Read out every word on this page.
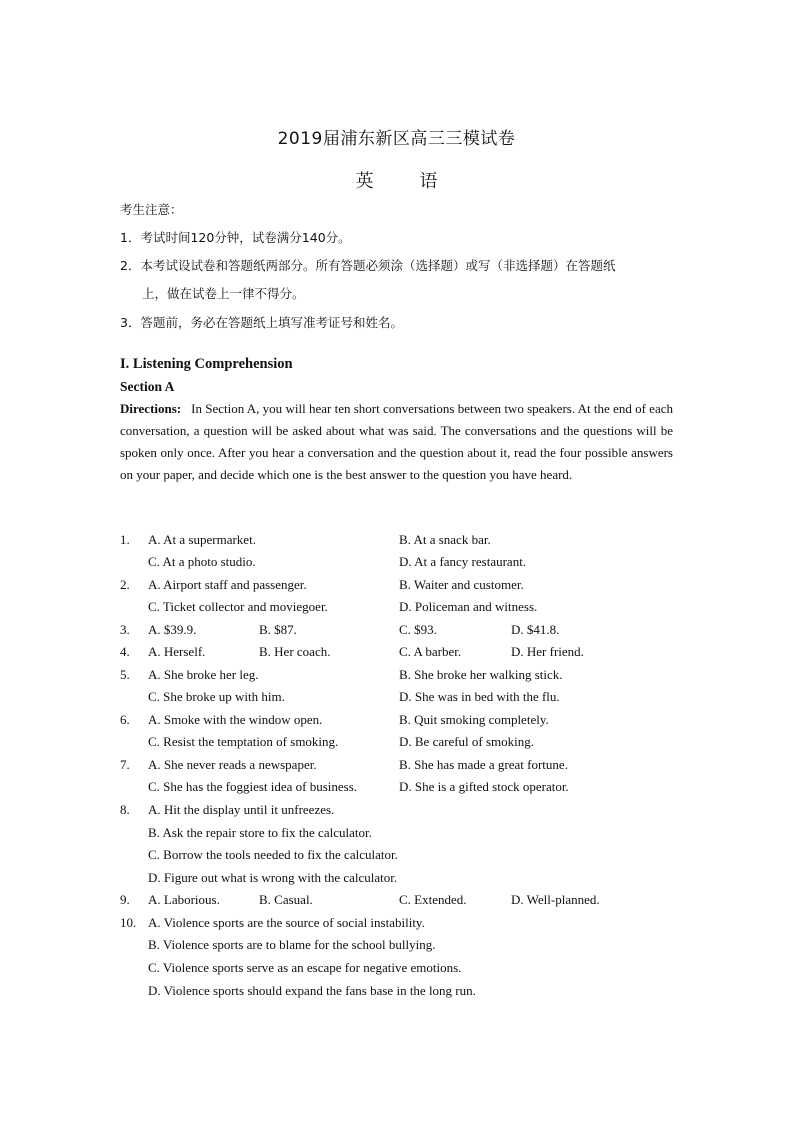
2019届浦东新区高三三模试卷
英	语

考生注意：

1．考试时间120分钟，试卷满分140分。

2．本考试设试卷和答题纸两部分。所有答题必须涂（选择题）或写（非选择题）在答题纸

上，做在试卷上一律不得分。

3．答题前，务必在答题纸上填写准考证号和姓名。

I. Listening Comprehension
Section A
Directions: In Section A, you will hear ten short conversations between two speakers. At the end of each conversation, a question will be asked about what was said. The conversations and the questions will be spoken only once. After you hear a conversation and the question about it, read the four possible answers on your paper, and decide which one is the best answer to the question you have heard.
1. A. At a supermarket.	B. At a snack bar.
C. At a photo studio.	D. At a fancy restaurant.
2. A. Airport staff and passenger.	B. Waiter and customer.
C. Ticket collector and moviegoer.	D. Policeman and witness.
3. A. $39.9.	B. $87.	C. $93.	D. $41.8.
4. A. Herself.	B. Her coach.	C. A barber.	D. Her friend.
5. A. She broke her leg.	B. She broke her walking stick.
C. She broke up with him.	D. She was in bed with the flu.
6. A. Smoke with the window open.	B. Quit smoking completely.
C. Resist the temptation of smoking.	D. Be careful of smoking.
7. A. She never reads a newspaper.	B. She has made a great fortune.
C. She has the foggiest idea of business.	D. She is a gifted stock operator.
8. A. Hit the display until it unfreezes.
B. Ask the repair store to fix the calculator.
C. Borrow the tools needed to fix the calculator.
D. Figure out what is wrong with the calculator.
9. A. Laborious.	B. Casual.	C. Extended.	D. Well-planned.
10. A. Violence sports are the source of social instability.
B. Violence sports are to blame for the school bullying.
C. Violence sports serve as an escape for negative emotions.
D. Violence sports should expand the fans base in the long run.
